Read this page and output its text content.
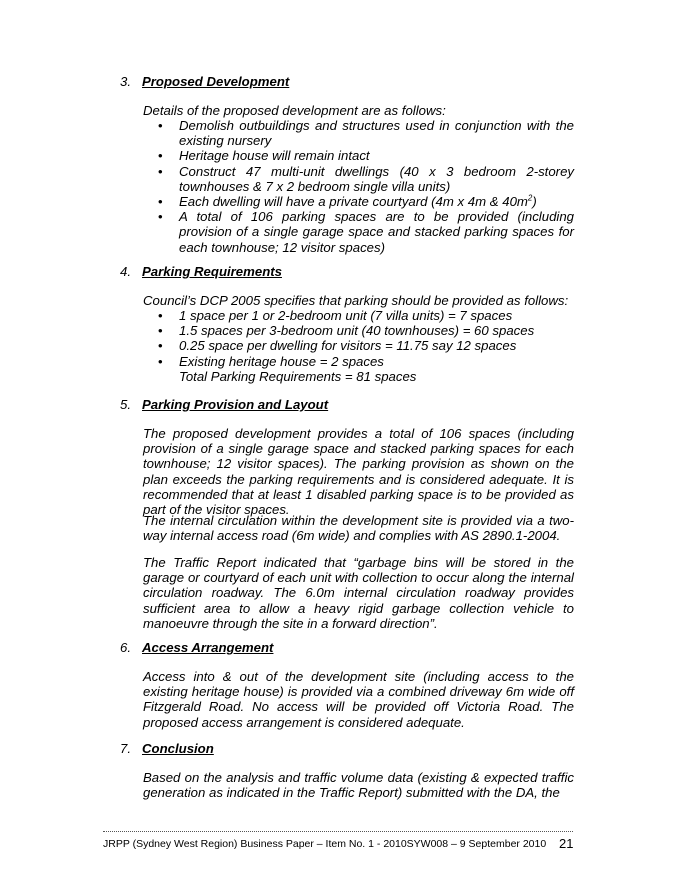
3. Proposed Development
Details of the proposed development are as follows:
• Demolish outbuildings and structures used in conjunction with the existing nursery
• Heritage house will remain intact
• Construct 47 multi-unit dwellings (40 x 3 bedroom 2-storey townhouses & 7 x 2 bedroom single villa units)
• Each dwelling will have a private courtyard (4m x 4m & $40m^2$)
• A total of 106 parking spaces are to be provided (including provision of a single garage space and stacked parking spaces for each townhouse; 12 visitor spaces)
4. Parking Requirements
Council’s DCP 2005 specifies that parking should be provided as follows:
• 1 space per 1 or 2-bedroom unit (7 villa units) = 7 spaces
• 1.5 spaces per 3-bedroom unit (40 townhouses) = 60 spaces
• 0.25 space per dwelling for visitors = 11.75 say 12 spaces
• Existing heritage house = 2 spaces
Total Parking Requirements = 81 spaces
5. Parking Provision and Layout

The proposed development provides a total of 106 spaces (including provision of a single garage space and stacked parking spaces for each townhouse; 12 visitor spaces). The parking provision as shown on the plan exceeds the parking requirements and is considered adequate. It is recommended that at least 1 disabled parking space is to be provided as part of the visitor spaces.

The internal circulation within the development site is provided via a two-way internal access road (6m wide) and complies with AS 2890.1-2004.

The Traffic Report indicated that “garbage bins will be stored in the garage or courtyard of each unit with collection to occur along the internal circulation roadway. The 6.0m internal circulation roadway provides sufficient area to allow a heavy rigid garbage collection vehicle to manoeuvre through the site in a forward direction”.

6. Access Arrangement

Access into & out of the development site (including access to the existing heritage house) is provided via a combined driveway 6m wide off Fitzgerald Road. No access will be provided off Victoria Road. The proposed access arrangement is considered adequate.

7. Conclusion

Based on the analysis and traffic volume data (existing & expected traffic generation as indicated in the Traffic Report) submitted with the DA, the

JRPP (Sydney West Region) Business Paper – Item No. 1 - 2010SYW008 – 9 September 2010 21
